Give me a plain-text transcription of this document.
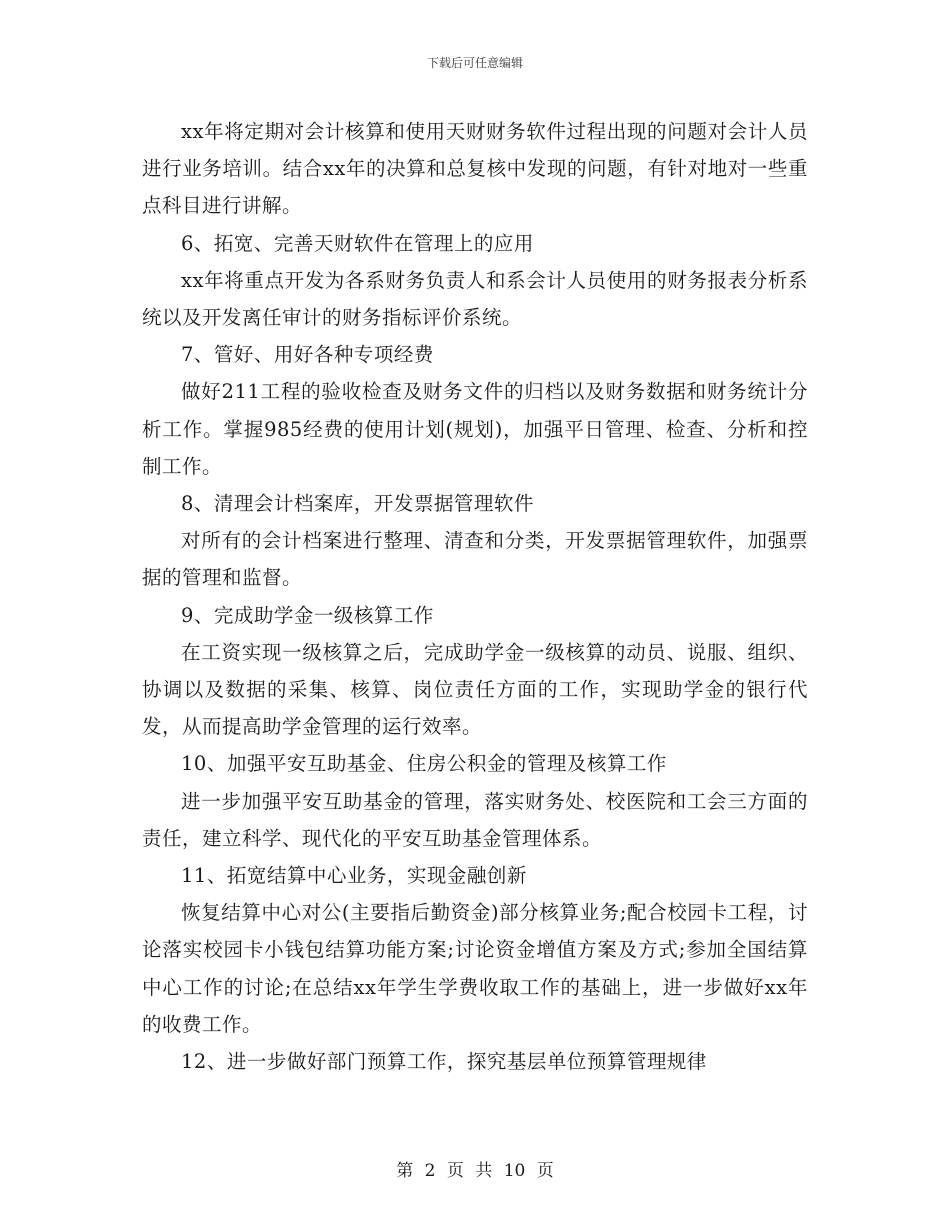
下载后可任意编辑

xx年将定期对会计核算和使用天财财务软件过程出现的问题对会计人员进行业务培训。结合xx年的决算和总复核中发现的问题，有针对地对一些重点科目进行讲解。

6、拓宽、完善天财软件在管理上的应用

xx年将重点开发为各系财务负责人和系会计人员使用的财务报表分析系统以及开发离任审计的财务指标评价系统。

7、管好、用好各种专项经费

做好211工程的验收检查及财务文件的归档以及财务数据和财务统计分析工作。掌握985经费的使用计划(规划)，加强平日管理、检查、分析和控制工作。

8、清理会计档案库，开发票据管理软件

对所有的会计档案进行整理、清查和分类，开发票据管理软件，加强票据的管理和监督。

9、完成助学金一级核算工作

在工资实现一级核算之后，完成助学金一级核算的动员、说服、组织、协调以及数据的采集、核算、岗位责任方面的工作，实现助学金的银行代发，从而提高助学金管理的运行效率。

10、加强平安互助基金、住房公积金的管理及核算工作

进一步加强平安互助基金的管理，落实财务处、校医院和工会三方面的责任，建立科学、现代化的平安互助基金管理体系。

11、拓宽结算中心业务，实现金融创新

恢复结算中心对公(主要指后勤资金)部分核算业务;配合校园卡工程，讨论落实校园卡小钱包结算功能方案;讨论资金增值方案及方式;参加全国结算中心工作的讨论;在总结xx年学生学费收取工作的基础上，进一步做好xx年的收费工作。

12、进一步做好部门预算工作，探究基层单位预算管理规律

第 2 页 共 10 页
